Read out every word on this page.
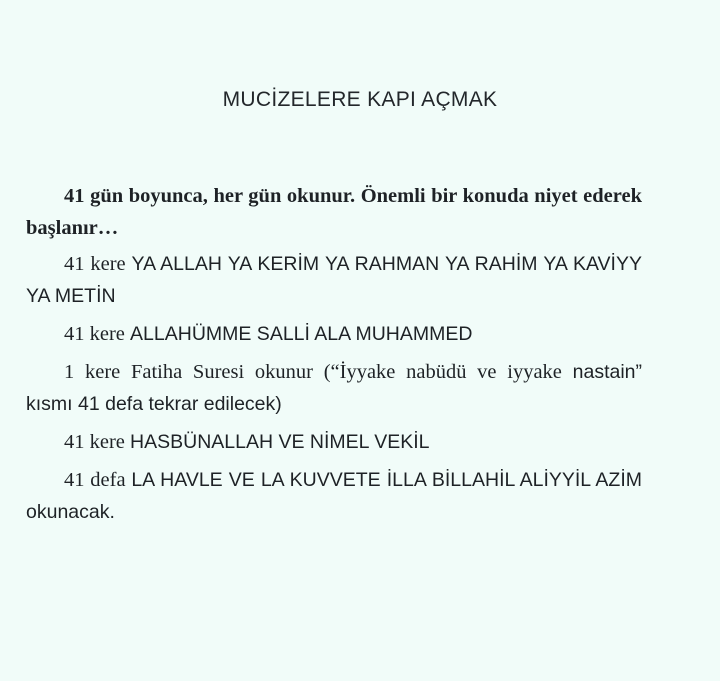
MUCİZELERE KAPI AÇMAK

41 gün boyunca, her gün okunur. Önemli bir konuda niyet ederek başlanır…

41 kere YA ALLAH YA KERİM YA RAHMAN YA RAHİM YA KAVİYY YA METİN

41 kere ALLAHÜMME SALLİ ALA MUHAMMED

1 kere Fatiha Suresi okunur (“İyyake nabüdü ve iyyake nastain” kısmı 41 defa tekrar edilecek)

41 kere HASBÜNALLAH VE NİMEL VEKİL

41 defa LA HAVLE VE LA KUVVETE İLLA BİLLAHİL ALİYYİL AZİM okunacak.
